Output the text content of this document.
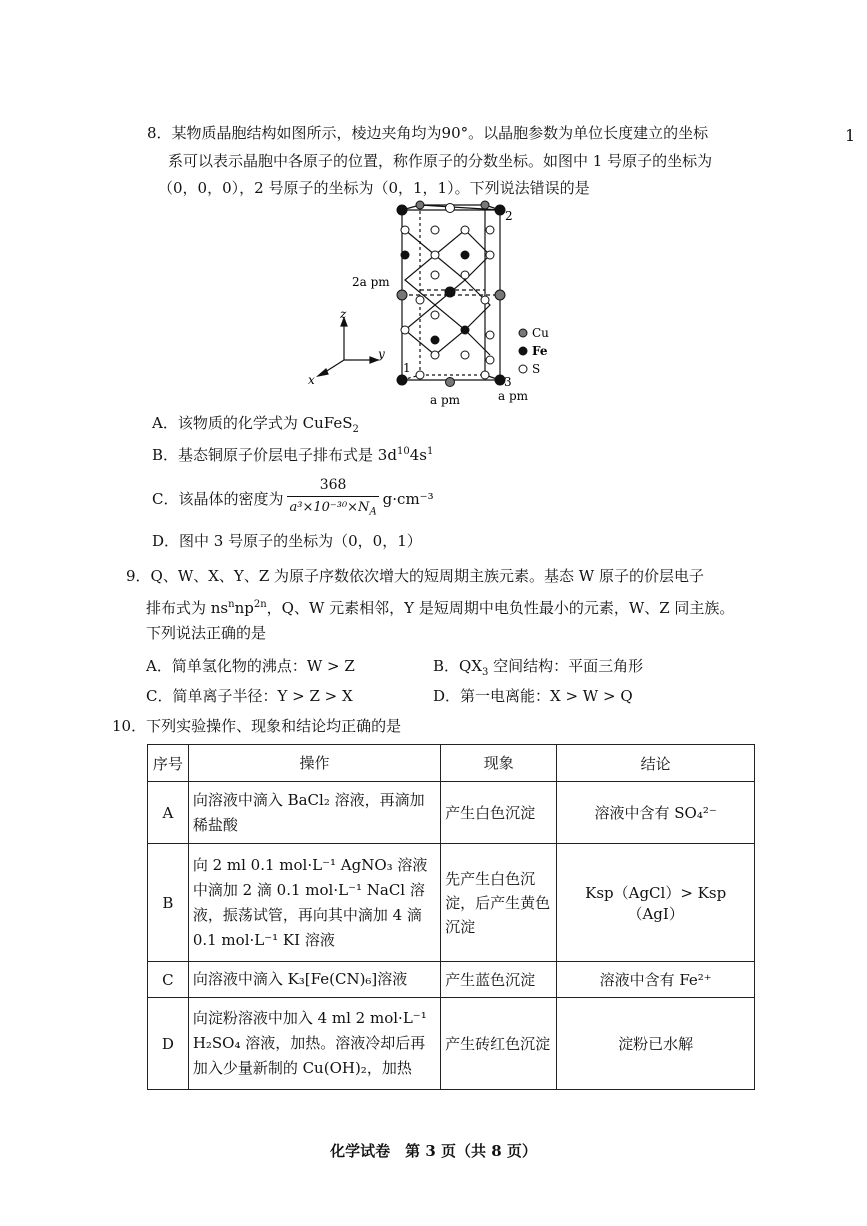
1
8．某物质晶胞结构如图所示，棱边夹角均为90°。以晶胞参数为单位长度建立的坐标
系可以表示晶胞中各原子的位置，称作原子的分数坐标。如图中 1 号原子的坐标为
（0，0，0），2 号原子的坐标为（0，1，1）。下列说法错误的是
z
y
x
2a pm
1
2
3
a pm	a pm
Cu
Fe
S
A．该物质的化学式为 CuFeS$_2$
B．基态铜原子价层电子排布式是 $3d^{10}4s^1$
C．该晶体的密度为 $\frac{368}{a^3\times 10^{-30}\times N_A} g\cdot cm^{-3}$
D．图中 3 号原子的坐标为（0，0，1）
9．Q、W、X、Y、Z 为原子序数依次增大的短周期主族元素。基态 W 原子的价层电子
排布式为 $ns^nnp^{2n}$，Q、W 元素相邻，Y 是短周期中电负性最小的元素，W、Z 同主族。
下列说法正确的是
A．简单氢化物的沸点：W > Z	B．$QX_3$ 空间结构：平面三角形
C．简单离子半径：Y > Z > X	D．第一电离能：X > W > Q
10．下列实验操作、现象和结论均正确的是
序号	操作	现象	结论
A	向溶液中滴入 BaCl₂ 溶液，再滴加稀盐酸	产生白色沉淀	溶液中含有 SO₄²⁻
B	向 2 ml 0.1 mol·L⁻¹ AgNO₃ 溶液中滴加 2 滴 0.1 mol·L⁻¹ NaCl 溶液，振荡试管，再向其中滴加 4 滴 0.1 mol·L⁻¹ KI 溶液	先产生白色沉淀，后产生黄色沉淀	Ksp（AgCl）> Ksp（AgI）
C	向溶液中滴入 K₃[Fe(CN)₆]溶液	产生蓝色沉淀	溶液中含有 Fe²⁺
D	向淀粉溶液中加入 4 ml 2 mol·L⁻¹ H₂SO₄ 溶液，加热。溶液冷却后再加入少量新制的 Cu(OH)₂，加热	产生砖红色沉淀	淀粉已水解
化学试卷　第 3 页（共 8 页）
